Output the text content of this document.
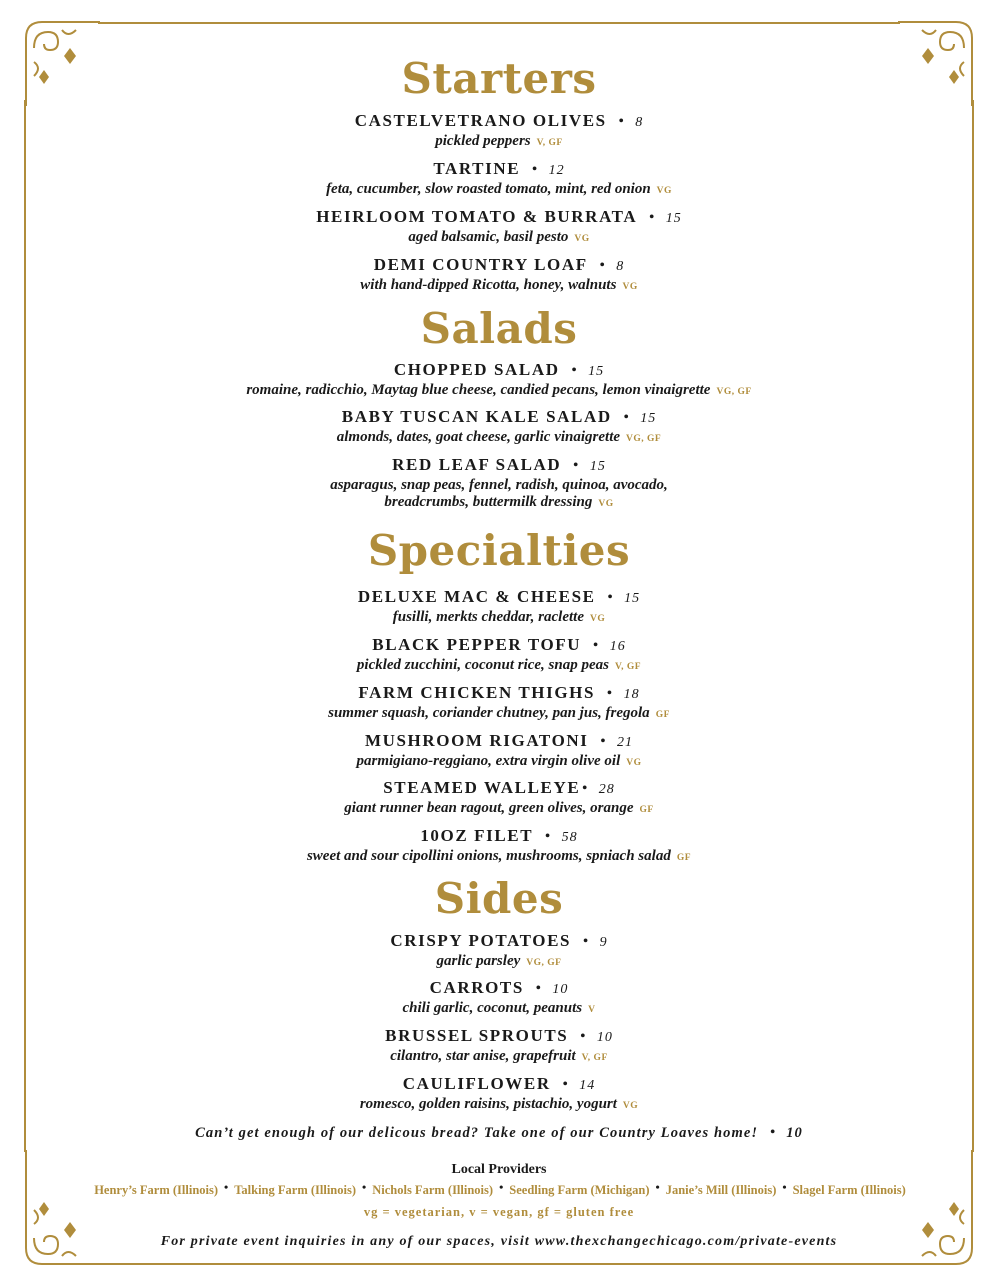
Starters
CASTELVETRANO OLIVES • 8
pickled peppers V, GF
TARTINE • 12
feta, cucumber, slow roasted tomato, mint, red onion VG
HEIRLOOM TOMATO & BURRATA • 15
aged balsamic, basil pesto VG
DEMI COUNTRY LOAF • 8
with hand-dipped Ricotta, honey, walnuts VG
Salads
CHOPPED SALAD • 15
romaine, radicchio, Maytag blue cheese, candied pecans, lemon vinaigrette VG, GF
BABY TUSCAN KALE SALAD • 15
almonds, dates, goat cheese, garlic vinaigrette VG, GF
RED LEAF SALAD • 15
asparagus, snap peas, fennel, radish, quinoa, avocado,
breadcrumbs, buttermilk dressing VG
Specialties
DELUXE MAC & CHEESE • 15
fusilli, merkts cheddar, raclette VG
BLACK PEPPER TOFU • 16
pickled zucchini, coconut rice, snap peas V, GF
FARM CHICKEN THIGHS • 18
summer squash, coriander chutney, pan jus, fregola GF
MUSHROOM RIGATONI • 21
parmigiano-reggiano, extra virgin olive oil VG
STEAMED WALLEYE • 28
giant runner bean ragout, green olives, orange GF
10OZ FILET • 58
sweet and sour cipollini onions, mushrooms, spniach salad GF
Sides
CRISPY POTATOES • 9
garlic parsley VG, GF
CARROTS • 10
chili garlic, coconut, peanuts V
BRUSSEL SPROUTS • 10
cilantro, star anise, grapefruit V, GF
CAULIFLOWER • 14
romesco, golden raisins, pistachio, yogurt VG
Can’t get enough of our delicous bread? Take one of our Country Loaves home! • 10
Local Providers
Henry’s Farm (Illinois) • Talking Farm (Illinois) • Nichols Farm (Illinois) • Seedling Farm (Michigan) • Janie’s Mill (Illinois) • Slagel Farm (Illinois)
vg = vegetarian, v = vegan, gf = gluten free
For private event inquiries in any of our spaces, visit www.thexchangechicago.com/private-events
